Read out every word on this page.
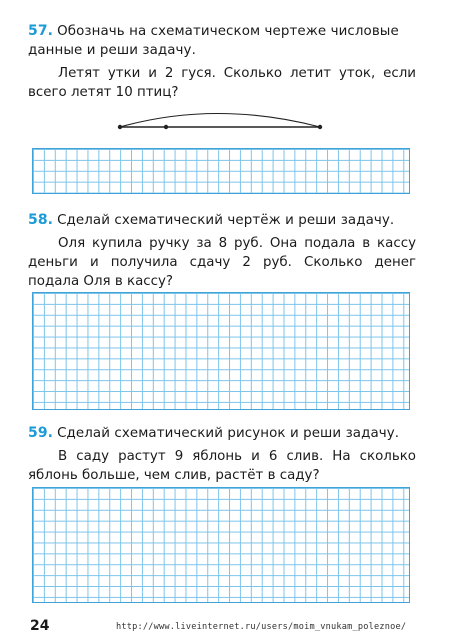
57. Обозначь на схематическом чертеже числовые данные и реши задачу.
Летят утки и 2 гуся. Сколько летит уток, если всего летят 10 птиц?
58. Сделай схематический чертёж и реши задачу.
Оля купила ручку за 8 руб. Она подала в кассу деньги и получила сдачу 2 руб. Сколько денег подала Оля в кассу?
59. Сделай схематический рисунок и реши задачу.
В саду растут 9 яблонь и 6 слив. На сколько яблонь больше, чем слив, растёт в саду?
24	http://www.liveinternet.ru/users/moim_vnukam_poleznoe/
